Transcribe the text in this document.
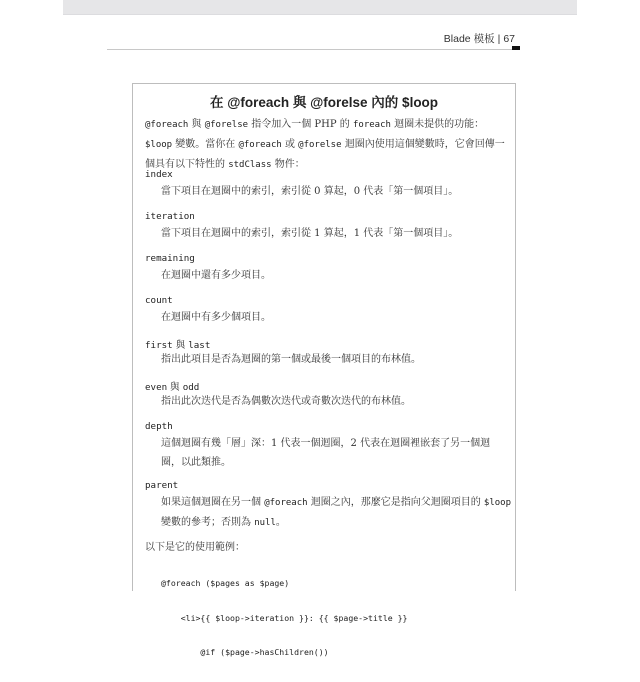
Blade 模板 | 67
在 @foreach 與 @forelse 內的 $loop
@foreach 與 @forelse 指令加入一個 PHP 的 foreach 迴圈未提供的功能：$loop 變數。當你在 @foreach 或 @forelse 迴圈內使用這個變數時，它會回傳一個具有以下特性的 stdClass 物件：
index
當下項目在迴圈中的索引，索引從 0 算起，0 代表「第一個項目」。
iteration
當下項目在迴圈中的索引，索引從 1 算起，1 代表「第一個項目」。
remaining
在迴圈中還有多少項目。
count
在迴圈中有多少個項目。
first 與 last
指出此項目是否為迴圈的第一個或最後一個項目的布林值。
even 與 odd
指出此次迭代是否為偶數次迭代或奇數次迭代的布林值。
depth
這個迴圈有幾「層」深：1 代表一個迴圈，2 代表在迴圈裡嵌套了另一個迴
圈，以此類推。
parent
如果這個迴圈在另一個 @foreach 迴圈之內，那麼它是指向父迴圈項目的 $loop
變數的參考；否則為 null。
以下是它的使用範例：

@foreach ($pages as $page)

<li>{{ $loop->iteration }}: {{ $page->title }}

@if ($page->hasChildren())
